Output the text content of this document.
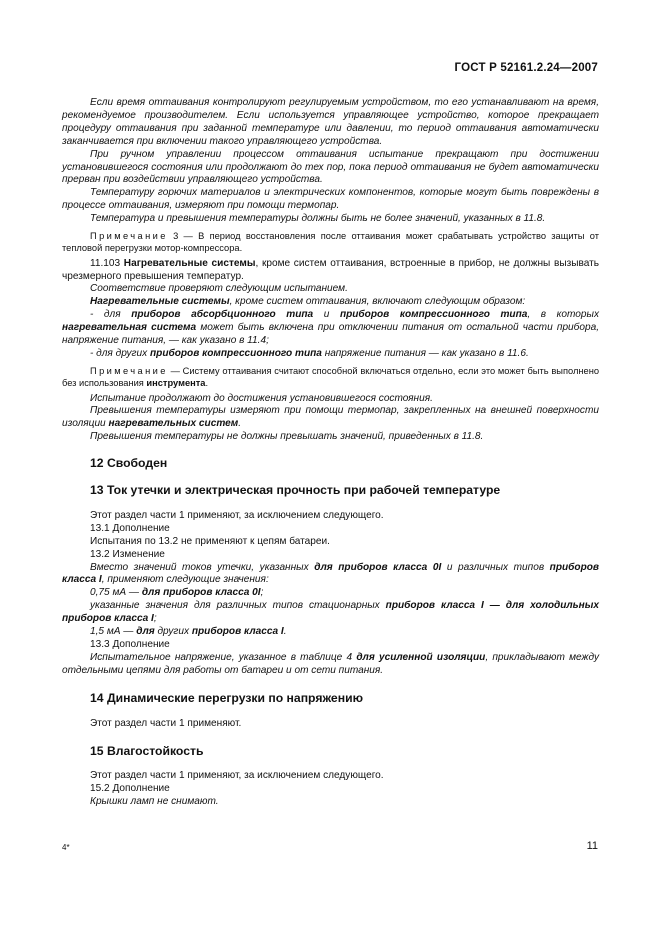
ГОСТ Р 52161.2.24—2007

Если время оттаивания контролируют регулируемым устройством, то его устанавливают на время, рекомендуемое производителем. Если используется управляющее устройство, которое прекращает процедуру оттаивания при заданной температуре или давлении, то период оттаивания автоматически заканчивается при включении такого управляющего устройства.

При ручном управлении процессом оттаивания испытание прекращают при достижении установившегося состояния или продолжают до тех пор, пока период оттаивания не будет автоматически прерван при воздействии управляющего устройства.

Температуру горючих материалов и электрических компонентов, которые могут быть повреждены в процессе оттаивания, измеряют при помощи термопар.

Температура и превышения температуры должны быть не более значений, указанных в 11.8.

Примечание 3 — В период восстановления после оттаивания может срабатывать устройство защиты от тепловой перегрузки мотор-компрессора.

11.103 Нагревательные системы, кроме систем оттаивания, встроенные в прибор, не должны вызывать чрезмерного превышения температур.

Соответствие проверяют следующим испытанием.

Нагревательные системы, кроме систем оттаивания, включают следующим образом:

- для приборов абсорбционного типа и приборов компрессионного типа, в которых нагревательная система может быть включена при отключении питания от остальной части прибора, напряжение питания, — как указано в 11.4;

- для других приборов компрессионного типа напряжение питания — как указано в 11.6.

Примечание — Систему оттаивания считают способной включаться отдельно, если это может быть выполнено без использования инструмента.

Испытание продолжают до достижения установившегося состояния.

Превышения температуры измеряют при помощи термопар, закрепленных на внешней поверхности изоляции нагревательных систем.

Превышения температуры не должны превышать значений, приведенных в 11.8.

12 Свободен

13 Ток утечки и электрическая прочность при рабочей температуре

Этот раздел части 1 применяют, за исключением следующего.

13.1 Дополнение

Испытания по 13.2 не применяют к цепям батареи.

13.2 Изменение

Вместо значений токов утечки, указанных для приборов класса 0I и различных типов приборов класса I, применяют следующие значения:

0,75 мА — для приборов класса 0I;

указанные значения для различных типов стационарных приборов класса I — для холодильных приборов класса I;

1,5 мА — для других приборов класса I.

13.3 Дополнение

Испытательное напряжение, указанное в таблице 4 для усиленной изоляции, прикладывают между отдельными цепями для работы от батареи и от сети питания.

14 Динамические перегрузки по напряжению

Этот раздел части 1 применяют.

15 Влагостойкость

Этот раздел части 1 применяют, за исключением следующего.

15.2 Дополнение

Крышки ламп не снимают.

4*	11
